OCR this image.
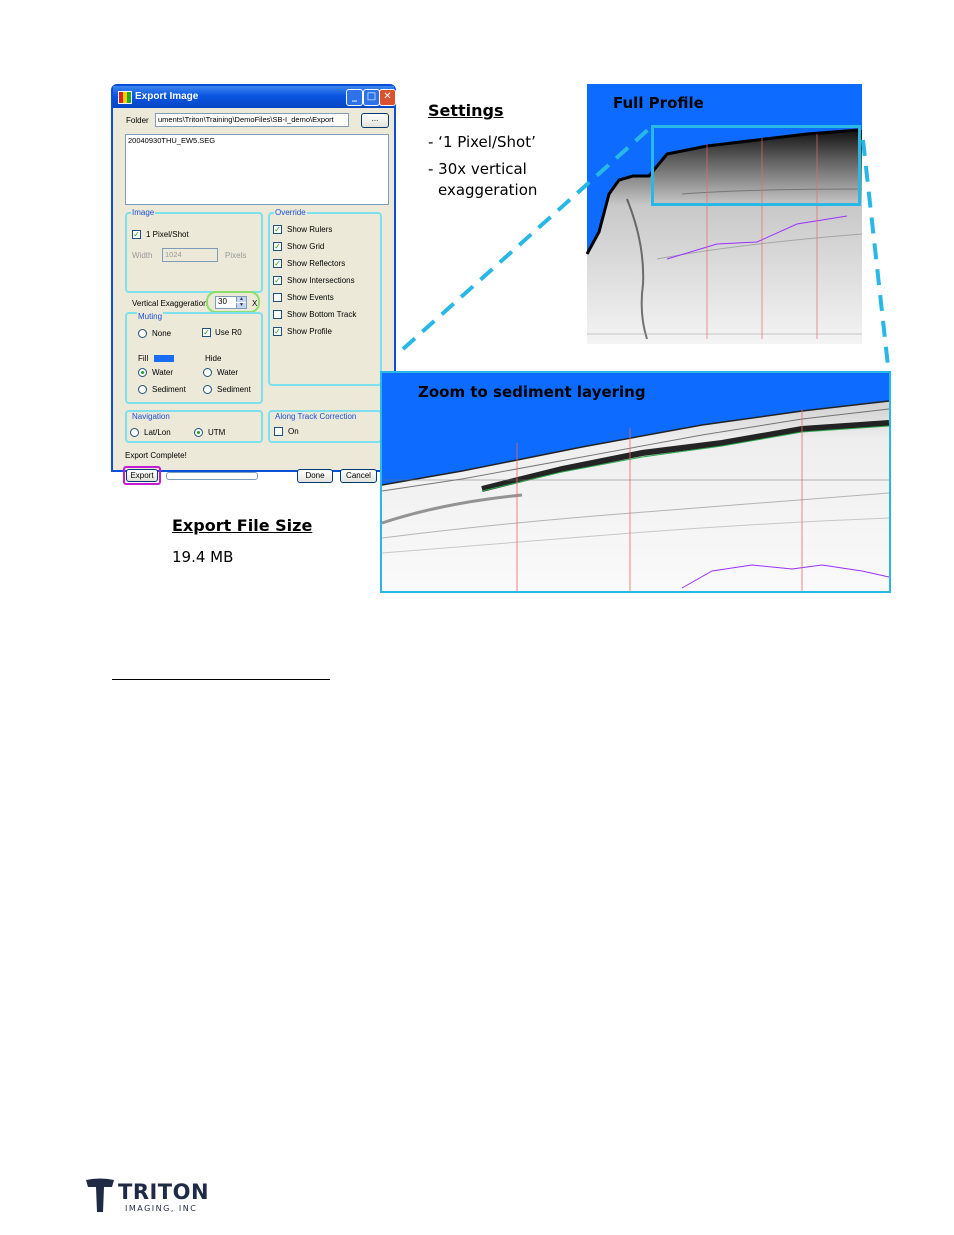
Export Image	_ □ ✕
Folder	uments\Triton\Training\DemoFiles\SB-I_demo\Export	...
20040930THU_EW5.SEG
Image
✓ 1 Pixel/Shot
Width	1024	Pixels
Vertical Exaggeration	30	▲
▼ X
Muting
None	✓ Use R0
Fill	Hide
Water	Water
Sediment	Sediment
Override
✓ Show Rulers
✓ Show Grid
✓ Show Reflectors
✓ Show Intersections
Show Events
Show Bottom Track
✓ Show Profile
Navigation
Lat/Lon	UTM
Along Track Correction
On
Export Complete!
Export	Done	Cancel
Settings
- ‘1 Pixel/Shot’
- 30x vertical
exaggeration
Export File Size
19.4 MB
Full Profile
Zoom to sediment layering
TRITON
IMAGING, INC
